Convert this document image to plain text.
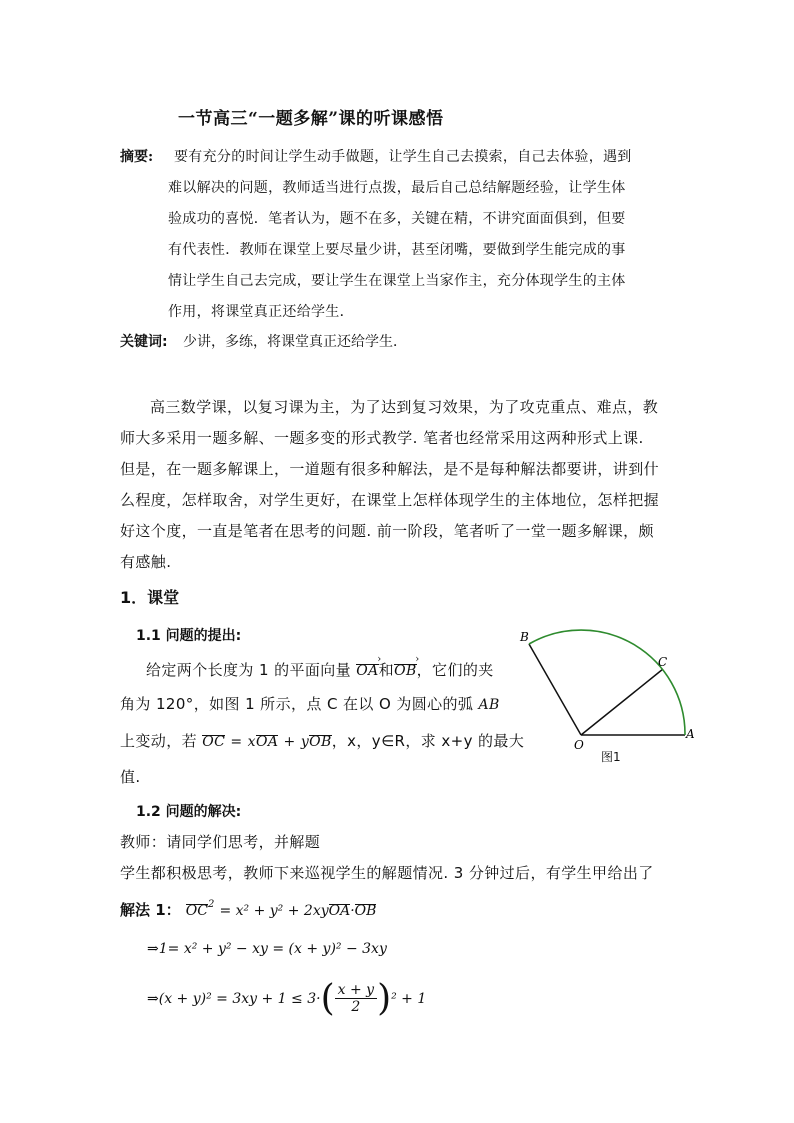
一节高三“一题多解”课的听课感悟
摘要: 要有充分的时间让学生动手做题，让学生自己去摸索，自己去体验，遇到
难以解决的问题，教师适当进行点拨，最后自己总结解题经验，让学生体
验成功的喜悦．笔者认为，题不在多，关键在精，不讲究面面俱到，但要
有代表性．教师在课堂上要尽量少讲，甚至闭嘴，要做到学生能完成的事
情让学生自己去完成，要让学生在课堂上当家作主，充分体现学生的主体
作用，将课堂真正还给学生．
关键词: 少讲，多练，将课堂真正还给学生．
高三数学课，以复习课为主，为了达到复习效果，为了攻克重点、难点，教
师大多采用一题多解、一题多变的形式教学. 笔者也经常采用这两种形式上课.
但是，在一题多解课上，一道题有很多种解法，是不是每种解法都要讲，讲到什
么程度，怎样取舍，对学生更好，在课堂上怎样体现学生的主体地位，怎样把握
好这个度，一直是笔者在思考的问题. 前一阶段，笔者听了一堂一题多解课，颇
有感触.
1．课堂
1.1 问题的提出:
给定两个长度为 1 的平面向量 OA ›和OB ›，它们的夹
角为 120°，如图 1 所示，点 C 在以 O 为圆心的弧 AB
上变动，若 OC = xOA + yOB，x，y∈R，求 x+y 的最大
值.
B
C
O
A
图1
1.2 问题的解决:
教师：请同学们思考，并解题
学生都积极思考，教师下来巡视学生的解题情况. 3 分钟过后，有学生甲给出了
解法 1： $OC^2 = x^2 + y^2$ + 2xyOA·OB
⇒1= x² + y² − xy = (x + y)² − 3xy
⇒(x + $y)^2 = 3xy + 1 \le 3\cdot( \frac{x + y}{2} )^2 + 1$
